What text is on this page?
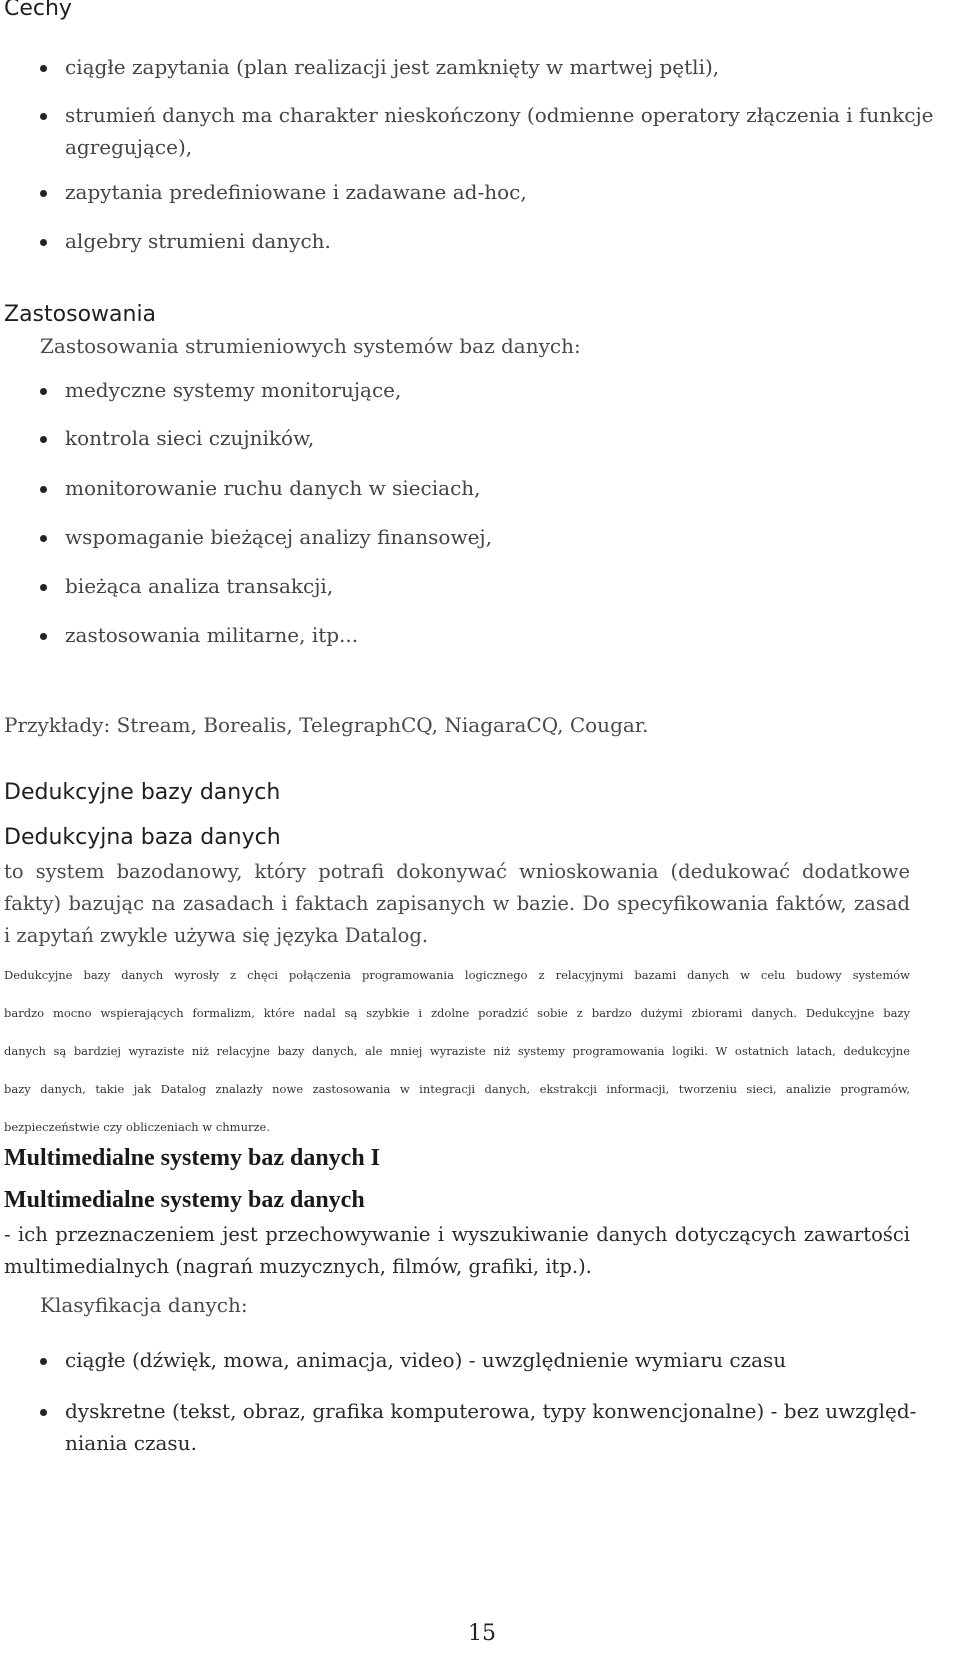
Cechy
ciągłe zapytania (plan realizacji jest zamknięty w martwej pętli),
strumień danych ma charakter nieskończony (odmienne operatory złączenia i funkcje
agregujące),
zapytania predefiniowane i zadawane ad-hoc,
algebry strumieni danych.
Zastosowania
Zastosowania strumieniowych systemów baz danych:
medyczne systemy monitorujące,
kontrola sieci czujników,
monitorowanie ruchu danych w sieciach,
wspomaganie bieżącej analizy finansowej,
bieżąca analiza transakcji,
zastosowania militarne, itp...
Przykłady: Stream, Borealis, TelegraphCQ, NiagaraCQ, Cougar.
Dedukcyjne bazy danych
Dedukcyjna baza danych
to system bazodanowy, który potrafi dokonywać wnioskowania (dedukować dodatkowe
fakty) bazując na zasadach i faktach zapisanych w bazie. Do specyfikowania faktów, zasad
i zapytań zwykle używa się języka Datalog.
Dedukcyjne bazy danych wyrosły z chęci połączenia programowania logicznego z relacyjnymi bazami danych w celu budowy systemów
bardzo mocno wspierających formalizm, które nadal są szybkie i zdolne poradzić sobie z bardzo dużymi zbiorami danych. Dedukcyjne bazy
danych są bardziej wyraziste niż relacyjne bazy danych, ale mniej wyraziste niż systemy programowania logiki. W ostatnich latach, dedukcyjne
bazy danych, takie jak Datalog znalazły nowe zastosowania w integracji danych, ekstrakcji informacji, tworzeniu sieci, analizie programów,
bezpieczeństwie czy obliczeniach w chmurze.
Multimedialne systemy baz danych I
Multimedialne systemy baz danych
- ich przeznaczeniem jest przechowywanie i wyszukiwanie danych dotyczących zawartości
multimedialnych (nagrań muzycznych, filmów, grafiki, itp.).
Klasyfikacja danych:
ciągłe (dźwięk, mowa, animacja, video) - uwzględnienie wymiaru czasu
dyskretne (tekst, obraz, grafika komputerowa, typy konwencjonalne) - bez uwzględ-
niania czasu.
15
